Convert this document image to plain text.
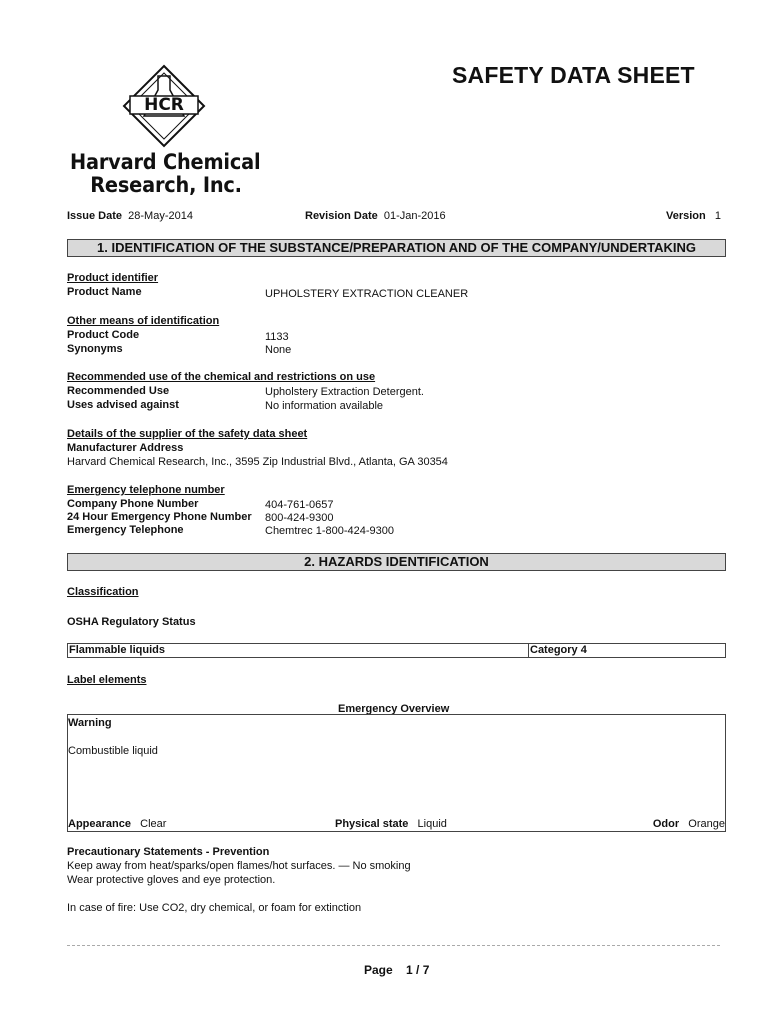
HCR
SAFETY DATA SHEET
Harvard Chemical
Research, Inc.
Issue Date 28-May-2014	Revision Date 01-Jan-2016	Version 1
1. IDENTIFICATION OF THE SUBSTANCE/PREPARATION AND OF THE COMPANY/UNDERTAKING
Product identifier
Product Name	UPHOLSTERY EXTRACTION CLEANER
Other means of identification
Product Code	1133
Synonyms	None
Recommended use of the chemical and restrictions on use
Recommended Use	Upholstery Extraction Detergent.
Uses advised against	No information available
Details of the supplier of the safety data sheet
Manufacturer Address
Harvard Chemical Research, Inc., 3595 Zip Industrial Blvd., Atlanta, GA 30354
Emergency telephone number
Company Phone Number	404-761-0657
24 Hour Emergency Phone Number 800-424-9300
Emergency Telephone	Chemtrec 1-800-424-9300
2. HAZARDS IDENTIFICATION
Classification
OSHA Regulatory Status
Flammable liquids	Category 4
Label elements
Emergency Overview
Warning
Combustible liquid
Appearance Clear	Physical state Liquid	Odor Orange
Precautionary Statements - Prevention
Keep away from heat/sparks/open flames/hot surfaces. — No smoking
Wear protective gloves and eye protection.
In case of fire: Use CO2, dry chemical, or foam for extinction
Page 1 / 7
